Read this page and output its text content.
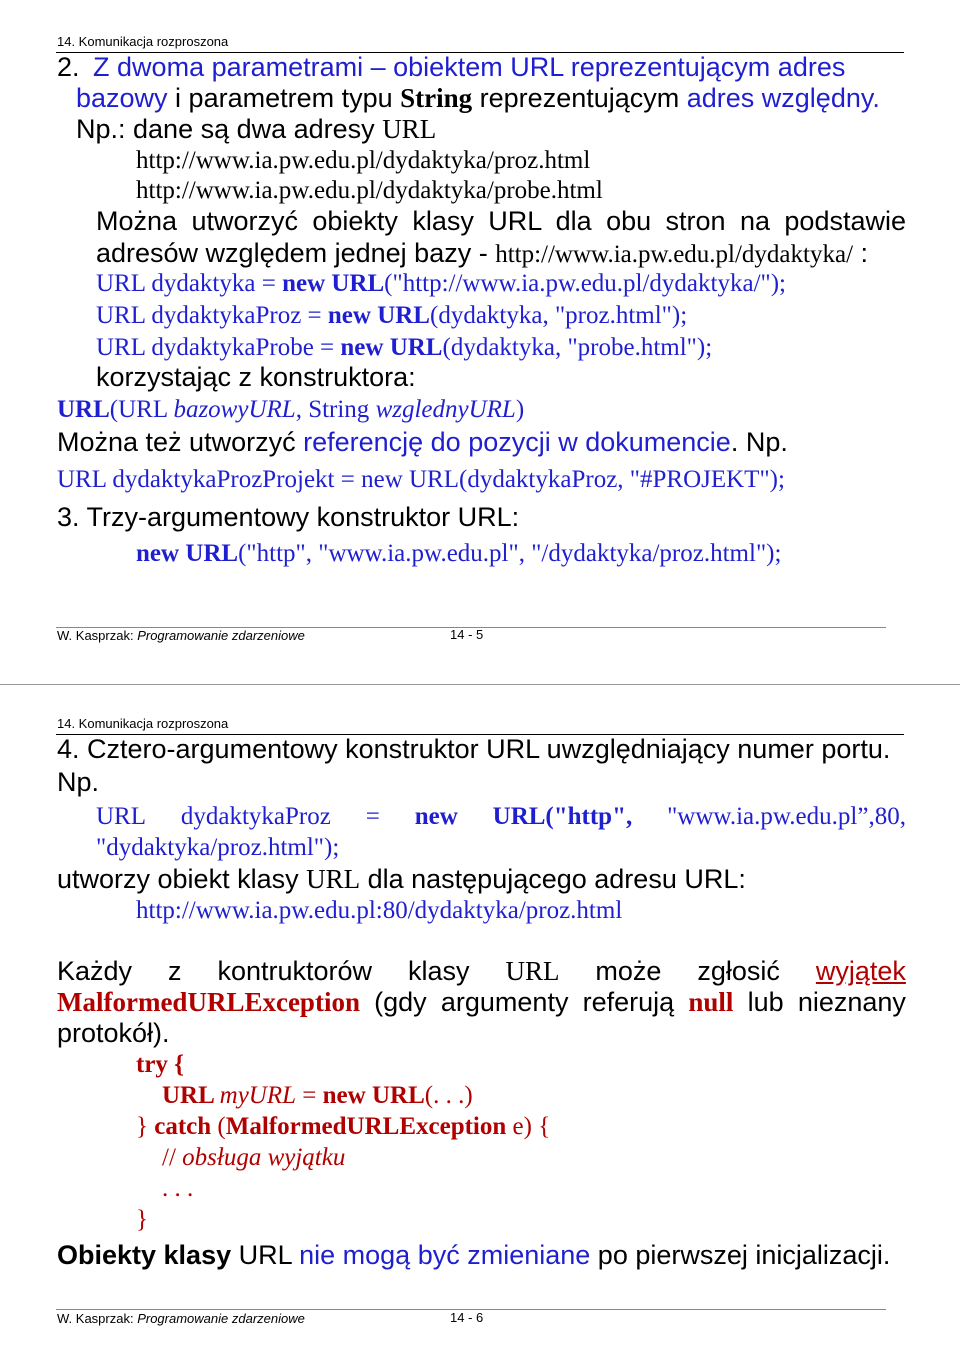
14. Komunikacja rozproszona
2. Z dwoma parametrami – obiektem URL reprezentującym adres
bazowy i parametrem typu String reprezentującym adres względny.
Np.: dane są dwa adresy URL
http://www.ia.pw.edu.pl/dydaktyka/proz.html
http://www.ia.pw.edu.pl/dydaktyka/probe.html
Można utworzyć obiekty klasy URL dla obu stron na podstawie
adresów względem jednej bazy - http://www.ia.pw.edu.pl/dydaktyka/ :
URL dydaktyka = new URL("http://www.ia.pw.edu.pl/dydaktyka/");
URL dydaktykaProz = new URL(dydaktyka, "proz.html");
URL dydaktykaProbe = new URL(dydaktyka, "probe.html");
korzystając z konstruktora:
URL(URL bazowyURL, String wzglednyURL)
Można też utworzyć referencję do pozycji w dokumencie. Np.
URL dydaktykaProzProjekt = new URL(dydaktykaProz, "#PROJEKT");
3. Trzy-argumentowy konstruktor URL:
new URL("http", "www.ia.pw.edu.pl", "/dydaktyka/proz.html");
W. Kasprzak: Programowanie zdarzeniowe	14 - 5
14. Komunikacja rozproszona
4. Cztero-argumentowy konstruktor URL uwzględniający numer portu.
Np.
URL dydaktykaProz = new URL("http", "www.ia.pw.edu.pl”,80,
"dydaktyka/proz.html");
utworzy obiekt klasy URL dla następującego adresu URL:
http://www.ia.pw.edu.pl:80/dydaktyka/proz.html
Każdy z kontruktorów klasy URL może zgłosić wyjątek
MalformedURLException (gdy argumenty referują null lub nieznany
protokół).
try {
URL myURL = new URL(. . .)
} catch (MalformedURLException e) {
// obsługa wyjątku
. . .
}
Obiekty klasy URL nie mogą być zmieniane po pierwszej inicjalizacji.
W. Kasprzak: Programowanie zdarzeniowe	14 - 6
